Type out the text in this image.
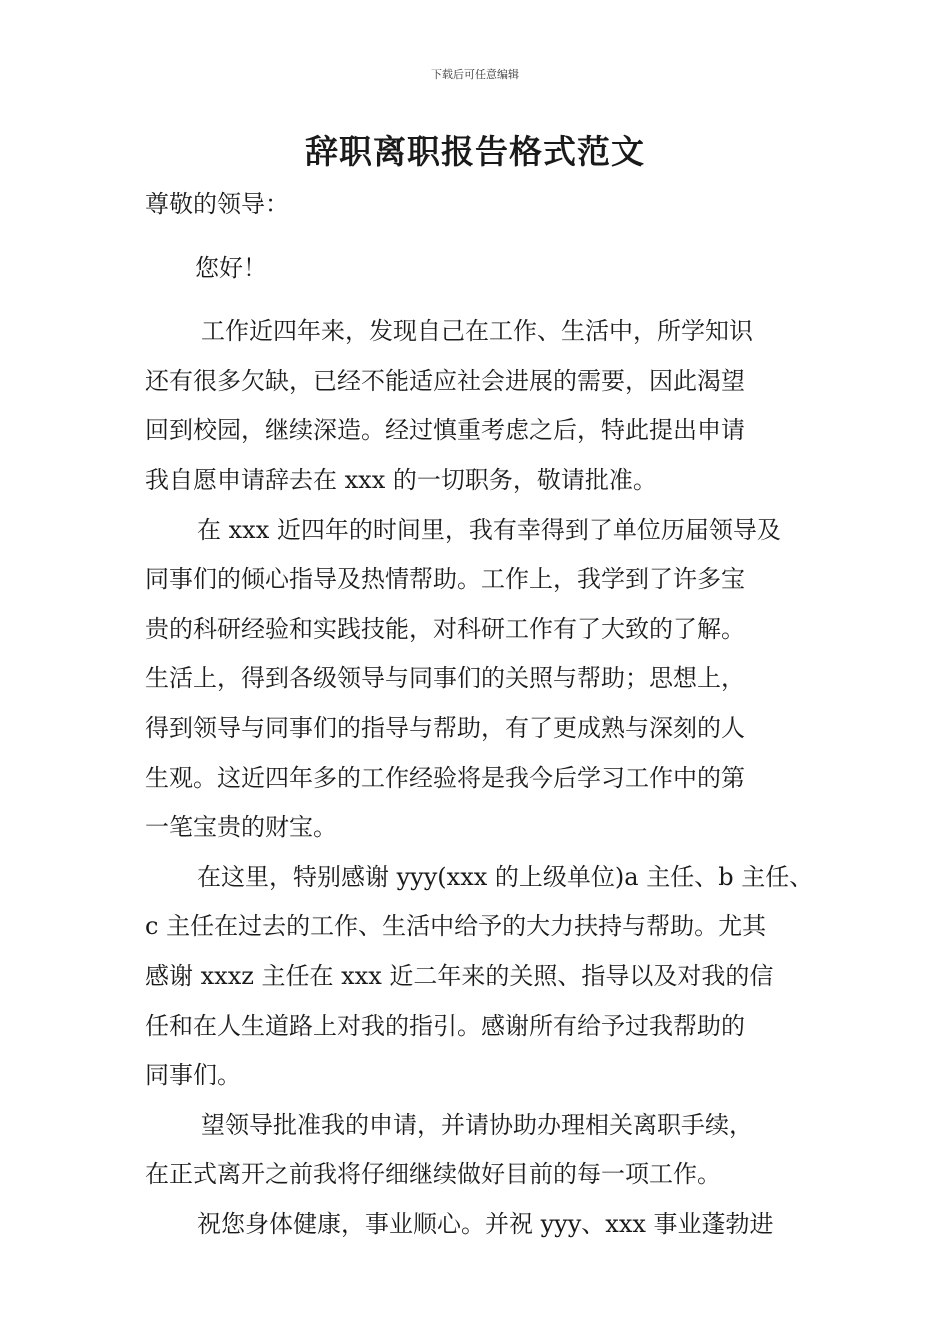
下载后可任意编辑
辞职离职报告格式范文

尊敬的领导：

您好！

工作近四年来，发现自己在工作、生活中，所学知识

还有很多欠缺，已经不能适应社会进展的需要，因此渴望

回到校园，继续深造。经过慎重考虑之后，特此提出申请

我自愿申请辞去在 xxx 的一切职务，敬请批准。

在 xxx 近四年的时间里，我有幸得到了单位历届领导及

同事们的倾心指导及热情帮助。工作上，我学到了许多宝

贵的科研经验和实践技能，对科研工作有了大致的了解。

生活上，得到各级领导与同事们的关照与帮助；思想上，

得到领导与同事们的指导与帮助，有了更成熟与深刻的人

生观。这近四年多的工作经验将是我今后学习工作中的第

一笔宝贵的财宝。

在这里，特别感谢 yyy(xxx 的上级单位)a 主任、b 主任、

c 主任在过去的工作、生活中给予的大力扶持与帮助。尤其

感谢 xxxz 主任在 xxx 近二年来的关照、指导以及对我的信

任和在人生道路上对我的指引。感谢所有给予过我帮助的

同事们。

望领导批准我的申请，并请协助办理相关离职手续，

在正式离开之前我将仔细继续做好目前的每一项工作。

祝您身体健康，事业顺心。并祝 yyy、xxx 事业蓬勃进
